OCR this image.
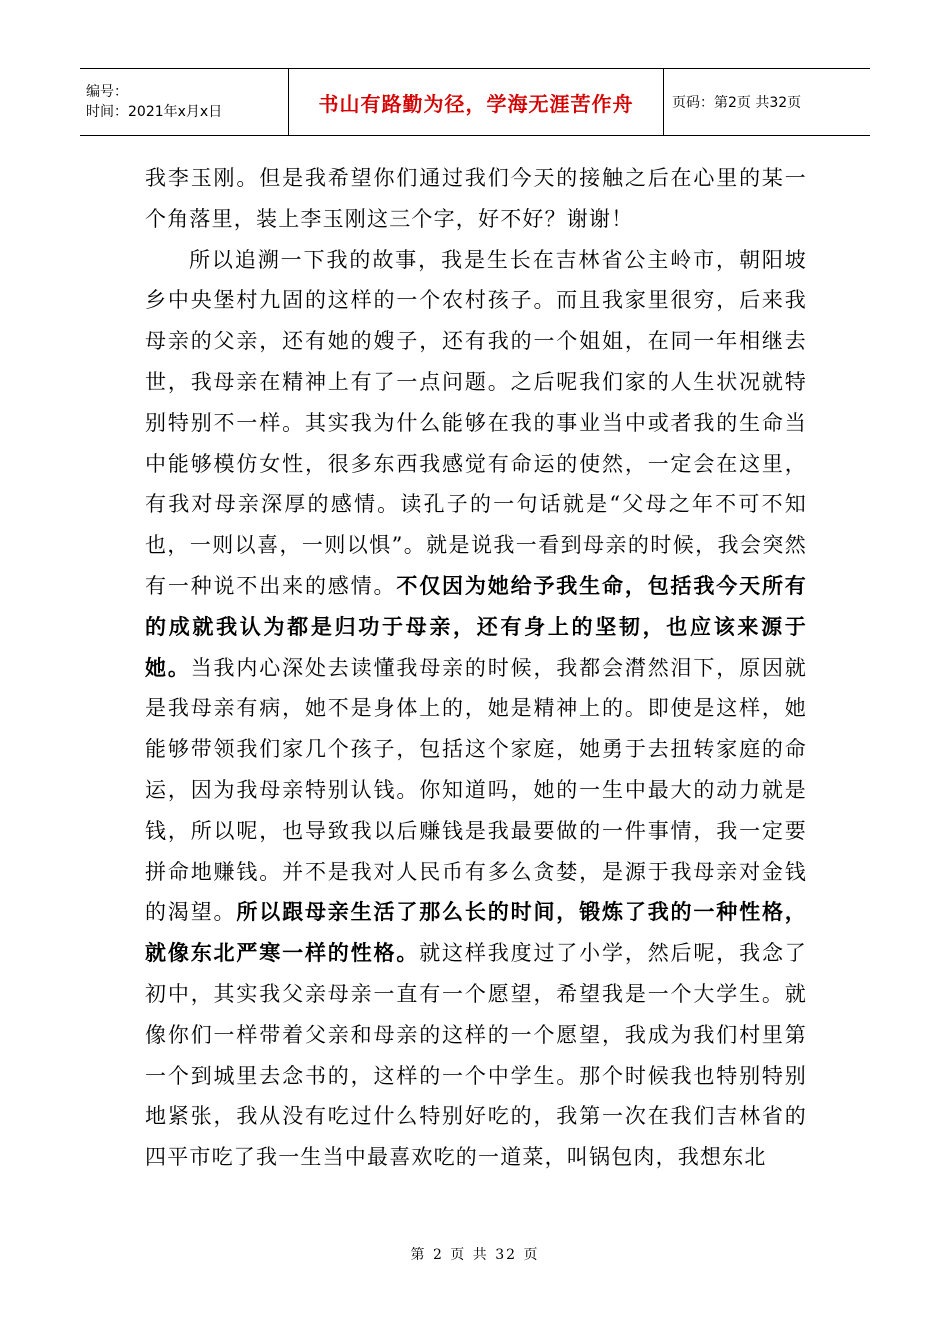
编号：
时间：2021年x月x日	书山有路勤为径，学海无涯苦作舟	页码：第2页 共32页

我李玉刚。但是我希望你们通过我们今天的接触之后在心里的某一个角落里，装上李玉刚这三个字，好不好？谢谢！

所以追溯一下我的故事，我是生长在吉林省公主岭市，朝阳坡乡中央堡村九固的这样的一个农村孩子。而且我家里很穷，后来我母亲的父亲，还有她的嫂子，还有我的一个姐姐，在同一年相继去世，我母亲在精神上有了一点问题。之后呢我们家的人生状况就特别特别不一样。其实我为什么能够在我的事业当中或者我的生命当中能够模仿女性，很多东西我感觉有命运的使然，一定会在这里，有我对母亲深厚的感情。读孔子的一句话就是“父母之年不可不知也，一则以喜，一则以惧”。就是说我一看到母亲的时候，我会突然有一种说不出来的感情。不仅因为她给予我生命，包括我今天所有的成就我认为都是归功于母亲，还有身上的坚韧，也应该来源于她。当我内心深处去读懂我母亲的时候，我都会潸然泪下，原因就是我母亲有病，她不是身体上的，她是精神上的。即使是这样，她能够带领我们家几个孩子，包括这个家庭，她勇于去扭转家庭的命运，因为我母亲特别认钱。你知道吗，她的一生中最大的动力就是钱，所以呢，也导致我以后赚钱是我最要做的一件事情，我一定要拼命地赚钱。并不是我对人民币有多么贪婪，是源于我母亲对金钱的渴望。所以跟母亲生活了那么长的时间，锻炼了我的一种性格，就像东北严寒一样的性格。就这样我度过了小学，然后呢，我念了初中，其实我父亲母亲一直有一个愿望，希望我是一个大学生。就像你们一样带着父亲和母亲的这样的一个愿望，我成为我们村里第一个到城里去念书的，这样的一个中学生。那个时候我也特别特别地紧张，我从没有吃过什么特别好吃的，我第一次在我们吉林省的四平市吃了我一生当中最喜欢吃的一道菜，叫锅包肉，我想东北

第 2 页 共 32 页
